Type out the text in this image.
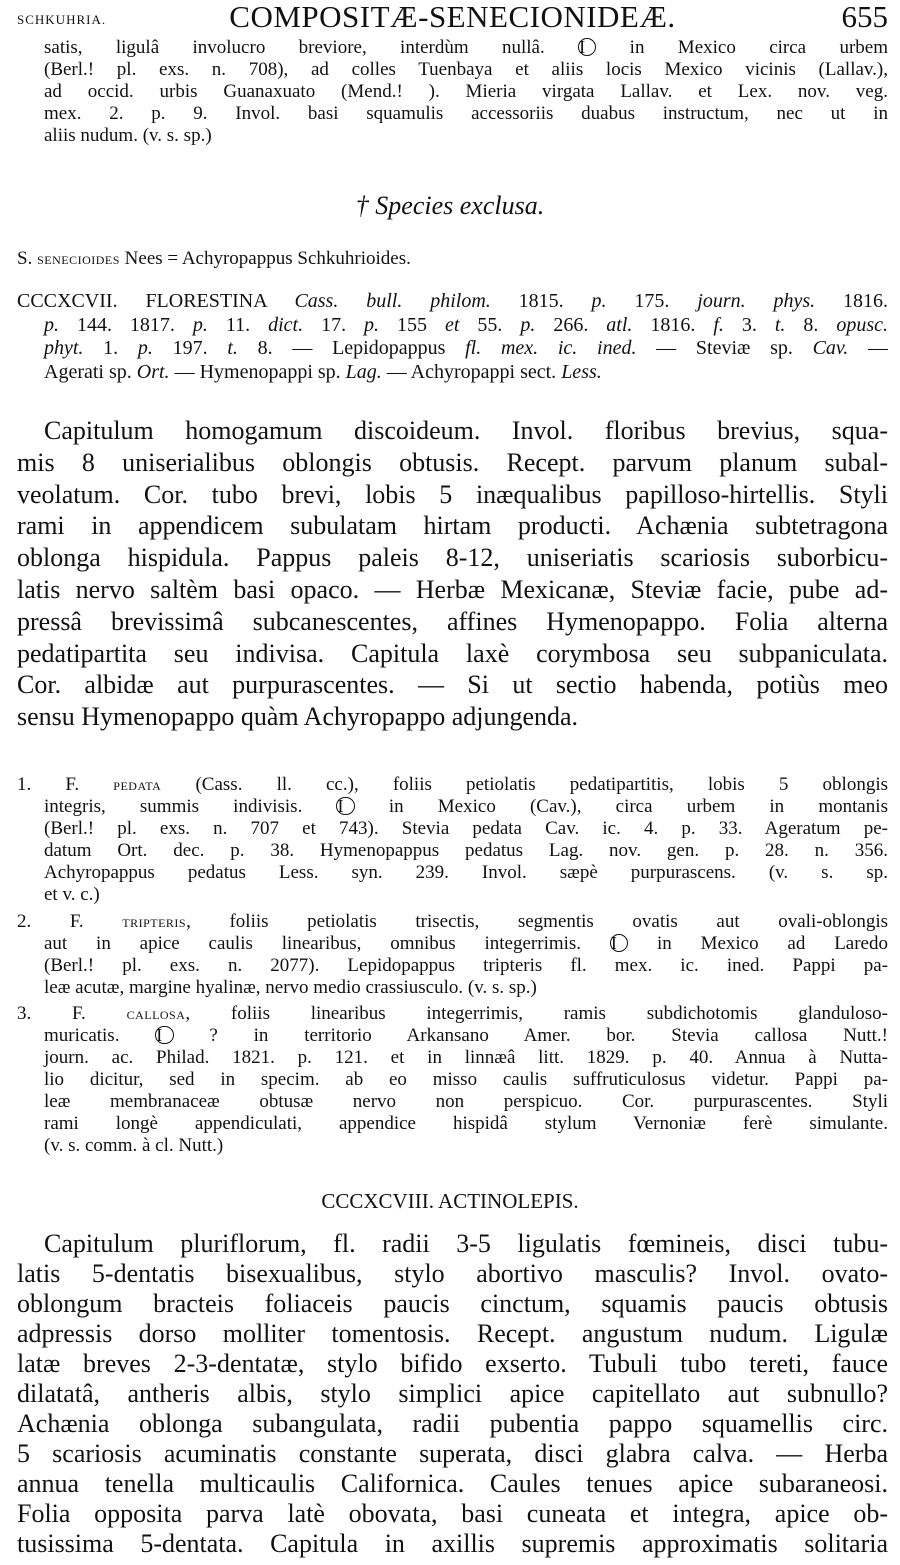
SCHKUHRIA.	COMPOSITÆ-SENECIONIDEÆ.	655
satis, ligulâ involucro breviore, interdùm nullâ. I in Mexico circa urbem
(Berl.! pl. exs. n. 708), ad colles Tuenbaya et aliis locis Mexico vicinis (Lallav.),
ad occid. urbis Guanaxuato (Mend.! ). Mieria virgata Lallav. et Lex. nov. veg.
mex. 2. p. 9. Invol. basi squamulis accessoriis duabus instructum, nec ut in
aliis nudum. (v. s. sp.)
† Species exclusa.
S. senecioides Nees = Achyropappus Schkuhrioides.
CCCXCVII. FLORESTINA Cass. bull. philom. 1815. p. 175. journ. phys. 1816.
p. 144. 1817. p. 11. dict. 17. p. 155 et 55. p. 266. atl. 1816. f. 3. t. 8. opusc.
phyt. 1. p. 197. t. 8. — Lepidopappus fl. mex. ic. ined. — Steviæ sp. Cav. —
Agerati sp. Ort. — Hymenopappi sp. Lag. — Achyropappi sect. Less.
Capitulum homogamum discoideum. Invol. floribus brevius, squa-
mis 8 uniserialibus oblongis obtusis. Recept. parvum planum subal-
veolatum. Cor. tubo brevi, lobis 5 inæqualibus papilloso-hirtellis. Styli
rami in appendicem subulatam hirtam producti. Achænia subtetragona
oblonga hispidula. Pappus paleis 8-12, uniseriatis scariosis suborbicu-
latis nervo saltèm basi opaco. — Herbæ Mexicanæ, Steviæ facie, pube ad-
pressâ brevissimâ subcanescentes, affines Hymenopappo. Folia alterna
pedatipartita seu indivisa. Capitula laxè corymbosa seu subpaniculata.
Cor. albidæ aut purpurascentes. — Si ut sectio habenda, potiùs meo
sensu Hymenopappo quàm Achyropappo adjungenda.
1. F. pedata (Cass. ll. cc.), foliis petiolatis pedatipartitis, lobis 5 oblongis
integris, summis indivisis. I in Mexico (Cav.), circa urbem in montanis
(Berl.! pl. exs. n. 707 et 743). Stevia pedata Cav. ic. 4. p. 33. Ageratum pe-
datum Ort. dec. p. 38. Hymenopappus pedatus Lag. nov. gen. p. 28. n. 356.
Achyropappus pedatus Less. syn. 239. Invol. sæpè purpurascens. (v. s. sp.
et v. c.)
2. F. tripteris, foliis petiolatis trisectis, segmentis ovatis aut ovali-oblongis
aut in apice caulis linearibus, omnibus integerrimis. I in Mexico ad Laredo
(Berl.! pl. exs. n. 2077). Lepidopappus tripteris fl. mex. ic. ined. Pappi pa-
leæ acutæ, margine hyalinæ, nervo medio crassiusculo. (v. s. sp.)
3. F. callosa, foliis linearibus integerrimis, ramis subdichotomis glanduloso-
muricatis. I ? in territorio Arkansano Amer. bor. Stevia callosa Nutt.!
journ. ac. Philad. 1821. p. 121. et in linnæâ litt. 1829. p. 40. Annua à Nutta-
lio dicitur, sed in specim. ab eo misso caulis suffruticulosus videtur. Pappi pa-
leæ membranaceæ obtusæ nervo non perspicuo. Cor. purpurascentes. Styli
rami longè appendiculati, appendice hispidâ stylum Vernoniæ ferè simulante.
(v. s. comm. à cl. Nutt.)
CCCXCVIII. ACTINOLEPIS.
Capitulum pluriflorum, fl. radii 3-5 ligulatis fœmineis, disci tubu-
latis 5-dentatis bisexualibus, stylo abortivo masculis? Invol. ovato-
oblongum bracteis foliaceis paucis cinctum, squamis paucis obtusis
adpressis dorso molliter tomentosis. Recept. angustum nudum. Ligulæ
latæ breves 2-3-dentatæ, stylo bifido exserto. Tubuli tubo tereti, fauce
dilatatâ, antheris albis, stylo simplici apice capitellato aut subnullo?
Achænia oblonga subangulata, radii pubentia pappo squamellis circ.
5 scariosis acuminatis constante superata, disci glabra calva. — Herba
annua tenella multicaulis Californica. Caules tenues apice subaraneosi.
Folia opposita parva latè obovata, basi cuneata et integra, apice ob-
tusissima 5-dentata. Capitula in axillis supremis approximatis solitaria
